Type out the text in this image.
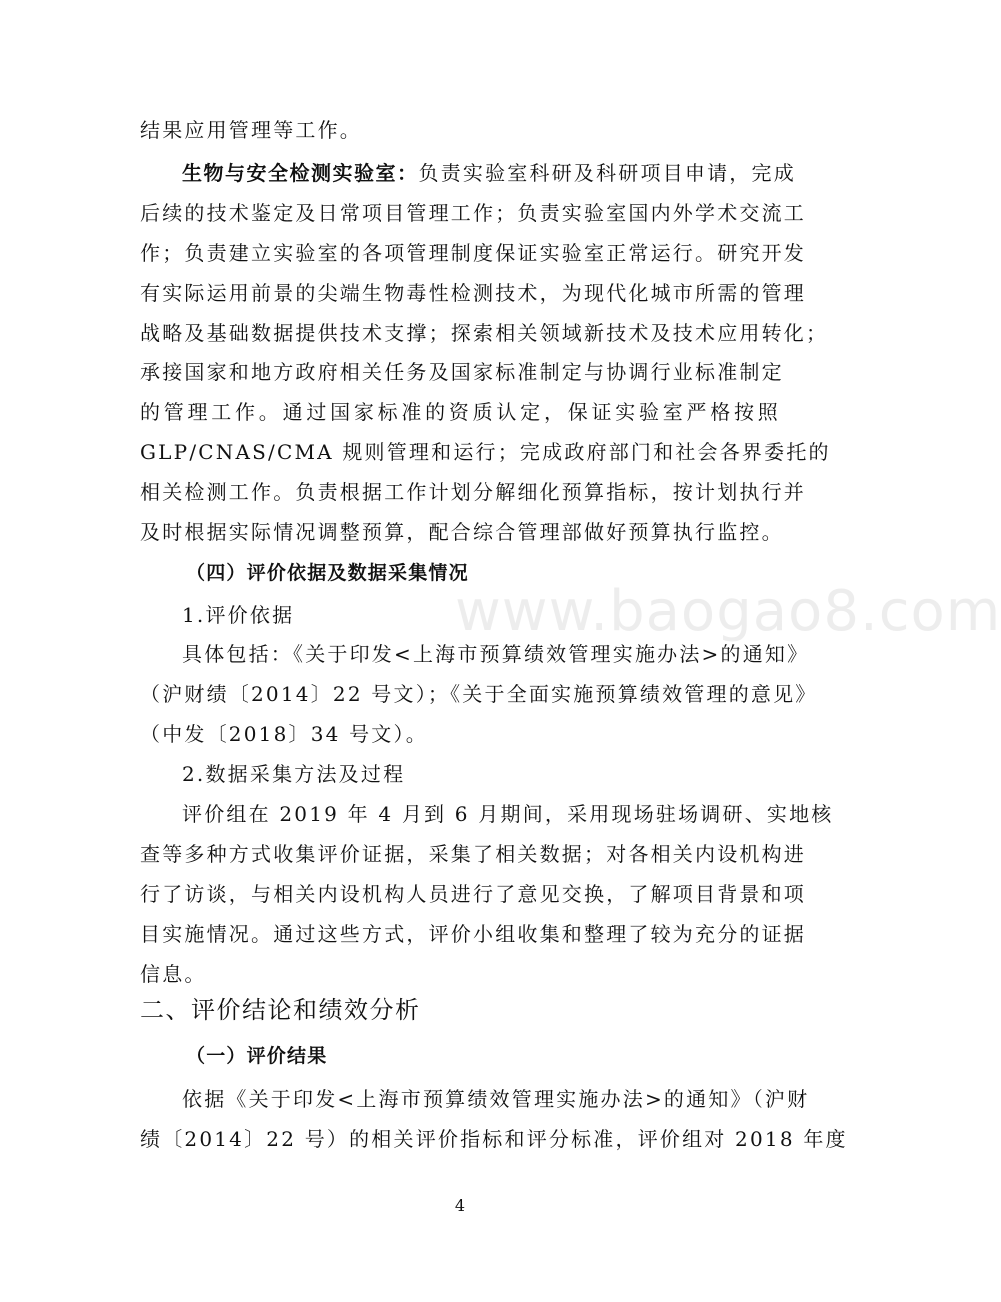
www.baogao8.com
结果应用管理等工作。
生物与安全检测实验室：负责实验室科研及科研项目申请，完成
后续的技术鉴定及日常项目管理工作；负责实验室国内外学术交流工
作；负责建立实验室的各项管理制度保证实验室正常运行。研究开发
有实际运用前景的尖端生物毒性检测技术，为现代化城市所需的管理
战略及基础数据提供技术支撑；探索相关领域新技术及技术应用转化；
承接国家和地方政府相关任务及国家标准制定与协调行业标准制定
的管理工作。通过国家标准的资质认定，保证实验室严格按照
GLP/CNAS/CMA 规则管理和运行；完成政府部门和社会各界委托的
相关检测工作。负责根据工作计划分解细化预算指标，按计划执行并
及时根据实际情况调整预算，配合综合管理部做好预算执行监控。
（四）评价依据及数据采集情况
1.评价依据
具体包括：《关于印发<上海市预算绩效管理实施办法>的通知》
（沪财绩〔2014〕22 号文）；《关于全面实施预算绩效管理的意见》
（中发〔2018〕34 号文）。
2.数据采集方法及过程
评价组在 2019 年 4 月到 6 月期间，采用现场驻场调研、实地核
查等多种方式收集评价证据，采集了相关数据；对各相关内设机构进
行了访谈，与相关内设机构人员进行了意见交换，了解项目背景和项
目实施情况。通过这些方式，评价小组收集和整理了较为充分的证据
信息。
二、评价结论和绩效分析
（一）评价结果
依据《关于印发<上海市预算绩效管理实施办法>的通知》（沪财
绩〔2014〕22 号）的相关评价指标和评分标准，评价组对 2018 年度
4
